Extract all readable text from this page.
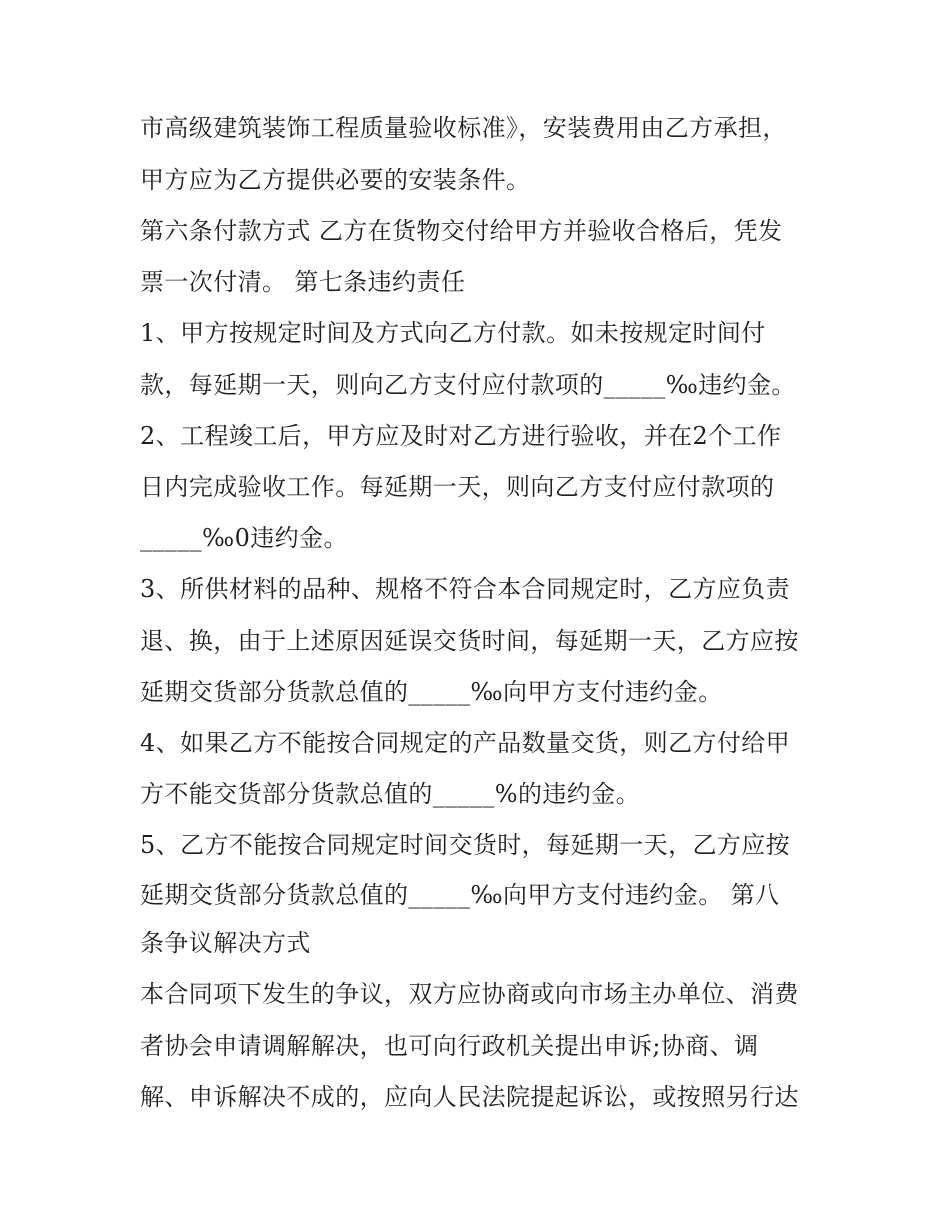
市高级建筑装饰工程质量验收标准》，安装费用由乙方承担，

甲方应为乙方提供必要的安装条件。

第六条付款方式 乙方在货物交付给甲方并验收合格后，凭发

票一次付清。 第七条违约责任

1、甲方按规定时间及方式向乙方付款。如未按规定时间付

款，每延期一天，则向乙方支付应付款项的_____‰违约金。

2、工程竣工后，甲方应及时对乙方进行验收，并在2个工作

日内完成验收工作。每延期一天，则向乙方支付应付款项的

_____‰0违约金。

3、所供材料的品种、规格不符合本合同规定时，乙方应负责

退、换，由于上述原因延误交货时间，每延期一天，乙方应按

延期交货部分货款总值的_____‰向甲方支付违约金。

4、如果乙方不能按合同规定的产品数量交货，则乙方付给甲

方不能交货部分货款总值的_____%的违约金。

5、乙方不能按合同规定时间交货时，每延期一天，乙方应按

延期交货部分货款总值的_____‰向甲方支付违约金。 第八

条争议解决方式

本合同项下发生的争议，双方应协商或向市场主办单位、消费

者协会申请调解解决，也可向行政机关提出申诉;协商、调

解、申诉解决不成的，应向人民法院提起诉讼，或按照另行达
